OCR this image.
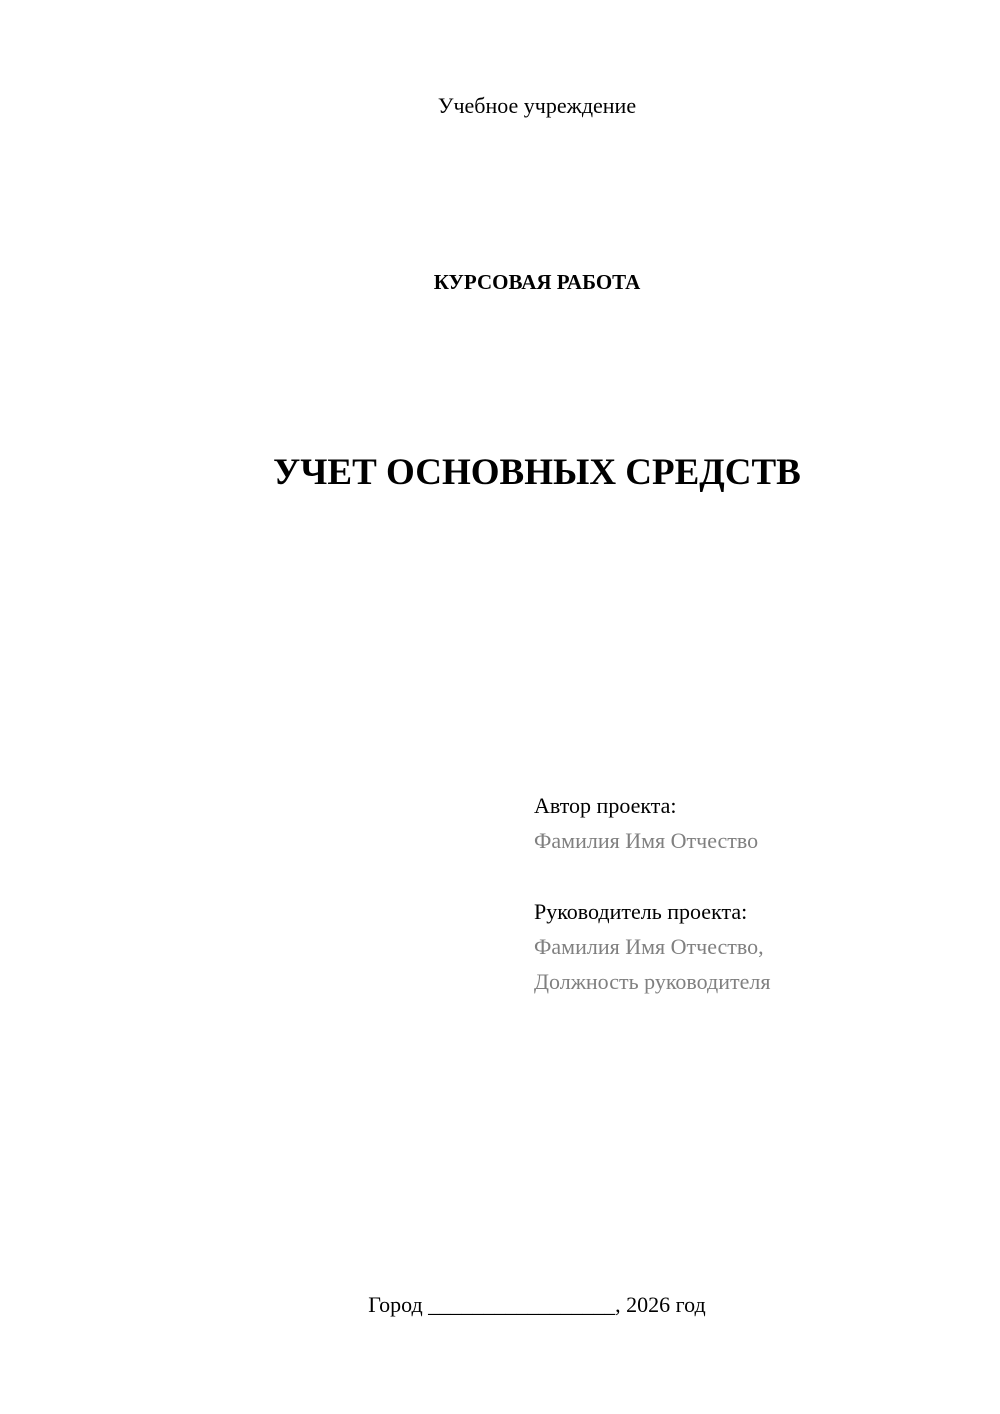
Учебное учреждение
КУРСОВАЯ РАБОТА
УЧЕТ ОСНОВНЫХ СРЕДСТВ
Автор проекта:
Фамилия Имя Отчество
Руководитель проекта:
Фамилия Имя Отчество,
Должность руководителя
Город _________________, 2026 год
